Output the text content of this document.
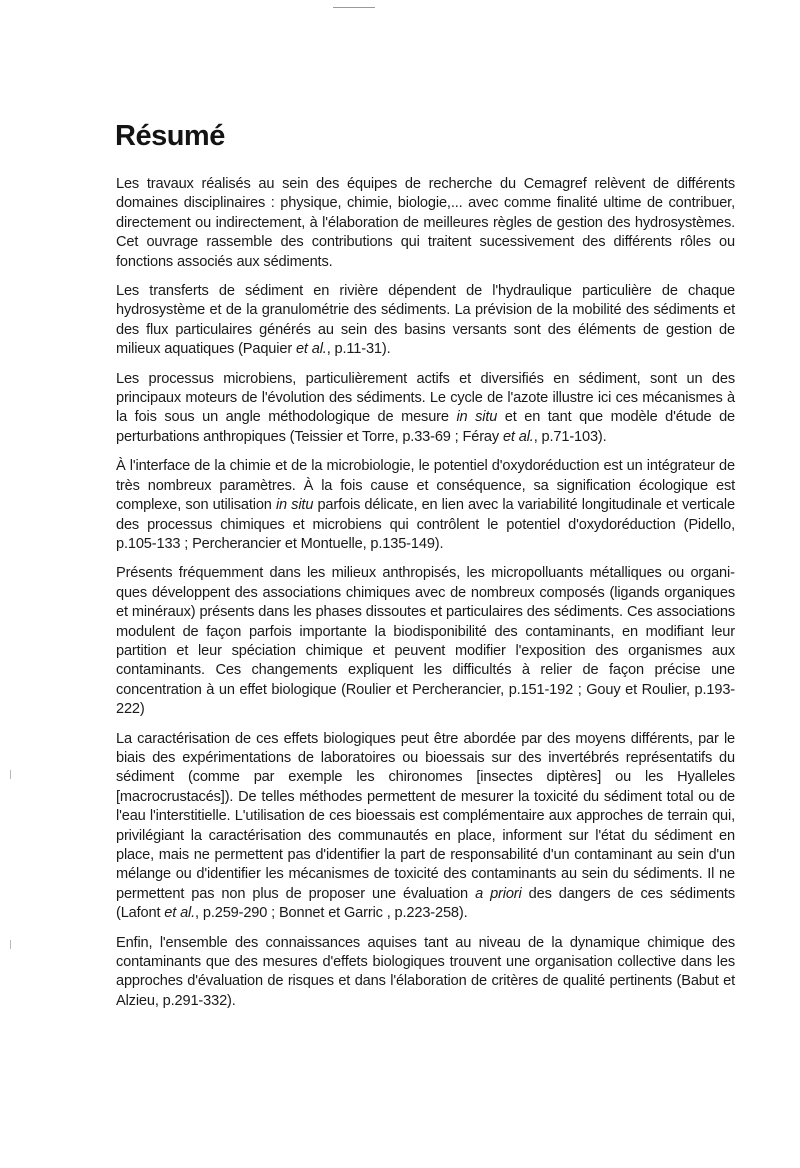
Résumé

Les travaux réalisés au sein des équipes de recherche du Cemagref relèvent de différents domaines disciplinaires : physique, chimie, biologie,... avec comme finalité ultime de contribuer, directement ou indirectement, à l'élaboration de meilleures règles de gestion des hydrosystèmes. Cet ouvrage rassemble des contributions qui traitent sucessivement des différents rôles ou fonctions associés aux sédiments.

Les transferts de sédiment en rivière dépendent de l'hydraulique particulière de chaque hydrosystème et de la granulométrie des sédiments. La prévision de la mobilité des sédiments et des flux particulaires générés au sein des basins versants sont des éléments de gestion de milieux aquatiques (Paquier et al., p.11-31).

Les processus microbiens, particulièrement actifs et diversifiés en sédiment, sont un des principaux moteurs de l'évolution des sédiments. Le cycle de l'azote illustre ici ces mécanismes à la fois sous un angle méthodologique de mesure in situ et en tant que modèle d'étude de perturbations anthropiques (Teissier et Torre, p.33-69 ; Féray et al., p.71-103).

À l'interface de la chimie et de la microbiologie, le potentiel d'oxydoréduction est un intégrateur de très nombreux paramètres. À la fois cause et conséquence, sa signification écologique est complexe, son utilisation in situ parfois délicate, en lien avec la variabilité longitudinale et verticale des processus chimiques et microbiens qui contrôlent le potentiel d'oxydoréduction (Pidello, p.105-133 ; Percherancier et Montuelle, p.135-149).

Présents fréquemment dans les milieux anthropisés, les micropolluants métalliques ou organiques développent des associations chimiques avec de nombreux composés (ligands organiques et minéraux) présents dans les phases dissoutes et particulaires des sédiments. Ces associations modulent de façon parfois importante la biodisponibilité des contaminants, en modifiant leur partition et leur spéciation chimique et peuvent modifier l'exposition des organismes aux contaminants. Ces changements expliquent les difficultés à relier de façon précise une concentration à un effet biologique (Roulier et Percherancier, p.151-192 ; Gouy et Roulier, p.193-222)

La caractérisation de ces effets biologiques peut être abordée par des moyens différents, par le biais des expérimentations de laboratoires ou bioessais sur des invertébrés représentatifs du sédiment (comme par exemple les chironomes [insectes diptères] ou les Hyalleles [macrocrustacés]). De telles méthodes permettent de mesurer la toxicité du sédiment total ou de l'eau l'interstitielle. L'utilisation de ces bioessais est complémentaire aux approches de terrain qui, privilégiant la caractérisation des communautés en place, informent sur l'état du sédiment en place, mais ne permettent pas d'identifier la part de responsabilité d'un contaminant au sein d'un mélange ou d'identifier les mécanismes de toxicité des contaminants au sein du sédiments. Il ne permettent pas non plus de proposer une évaluation a priori des dangers de ces sédiments (Lafont et al., p.259-290 ; Bonnet et Garric , p.223-258).

Enfin, l'ensemble des connaissances aquises tant au niveau de la dynamique chimique des contaminants que des mesures d'effets biologiques trouvent une organisation collective dans les approches d'évaluation de risques et dans l'élaboration de critères de qualité pertinents (Babut et Alzieu, p.291-332).
